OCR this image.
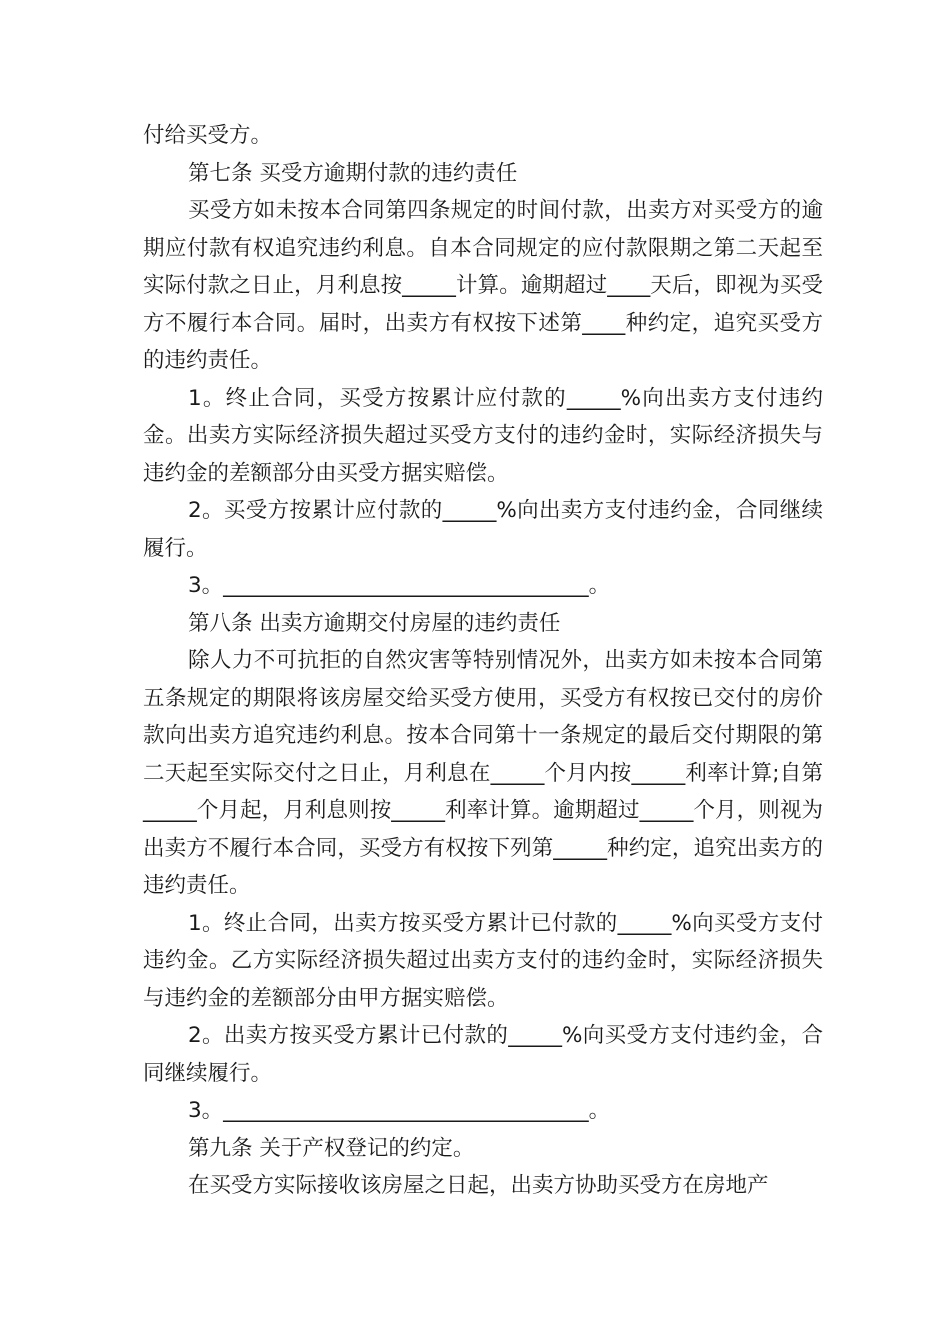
付给买受方。

第七条 买受方逾期付款的违约责任

买受方如未按本合同第四条规定的时间付款，出卖方对买受方的逾期应付款有权追究违约利息。自本合同规定的应付款限期之第二天起至实际付款之日止，月利息按_____计算。逾期超过____天后，即视为买受方不履行本合同。届时，出卖方有权按下述第____种约定，追究买受方的违约责任。

1。终止合同，买受方按累计应付款的_____%向出卖方支付违约金。出卖方实际经济损失超过买受方支付的违约金时，实际经济损失与违约金的差额部分由买受方据实赔偿。

2。买受方按累计应付款的_____%向出卖方支付违约金，合同继续履行。

3。__________________________________。

第八条 出卖方逾期交付房屋的违约责任

除人力不可抗拒的自然灾害等特别情况外，出卖方如未按本合同第五条规定的期限将该房屋交给买受方使用，买受方有权按已交付的房价款向出卖方追究违约利息。按本合同第十一条规定的最后交付期限的第二天起至实际交付之日止，月利息在_____个月内按_____利率计算;自第_____个月起，月利息则按_____利率计算。逾期超过_____个月，则视为出卖方不履行本合同，买受方有权按下列第_____种约定，追究出卖方的违约责任。

1。终止合同，出卖方按买受方累计已付款的_____%向买受方支付违约金。乙方实际经济损失超过出卖方支付的违约金时，实际经济损失与违约金的差额部分由甲方据实赔偿。

2。出卖方按买受方累计已付款的_____%向买受方支付违约金，合同继续履行。

3。__________________________________。

第九条 关于产权登记的约定。

在买受方实际接收该房屋之日起，出卖方协助买受方在房地产
